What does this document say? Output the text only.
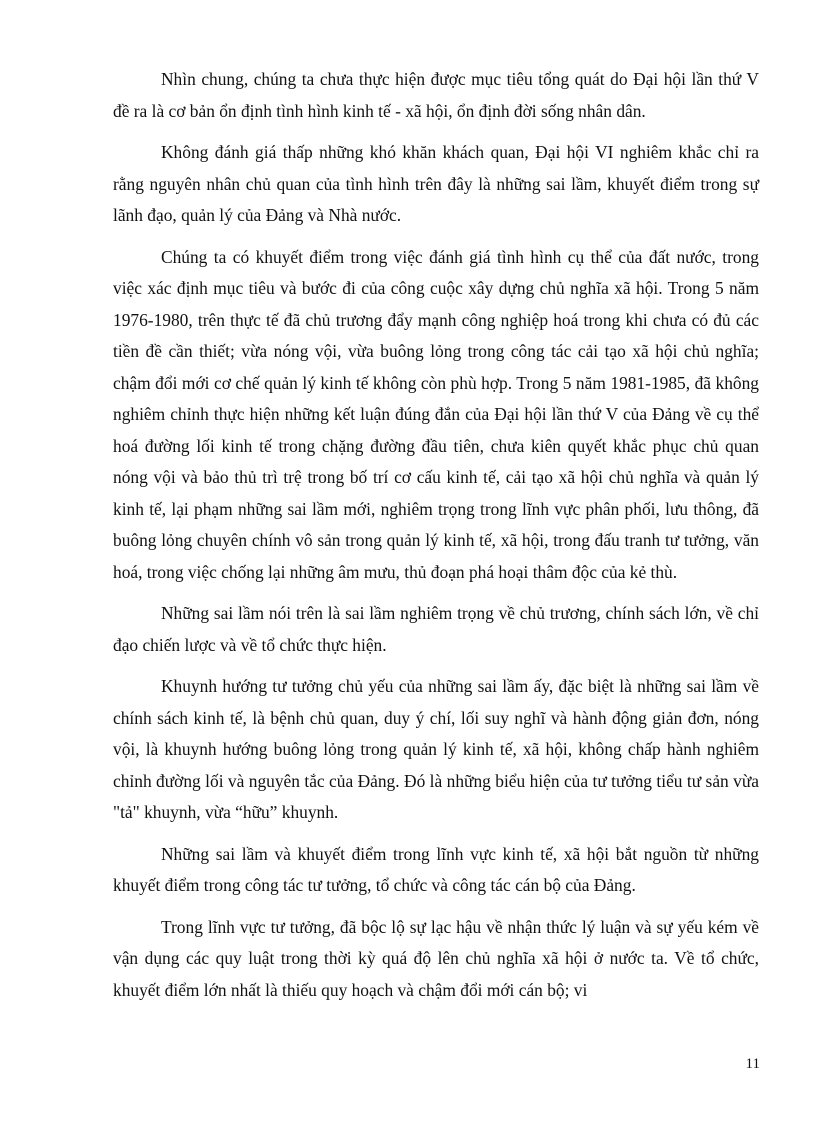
Nhìn chung, chúng ta chưa thực hiện được mục tiêu tổng quát do Đại hội lần thứ V đề ra là cơ bản ổn định tình hình kinh tế - xã hội, ổn định đời sống nhân dân.

Không đánh giá thấp những khó khăn khách quan, Đại hội VI nghiêm khắc chỉ ra rằng nguyên nhân chủ quan của tình hình trên đây là những sai lầm, khuyết điểm trong sự lãnh đạo, quản lý của Đảng và Nhà nước.

Chúng ta có khuyết điểm trong việc đánh giá tình hình cụ thể của đất nước, trong việc xác định mục tiêu và bước đi của công cuộc xây dựng chủ nghĩa xã hội. Trong 5 năm 1976-1980, trên thực tế đã chủ trương đẩy mạnh công nghiệp hoá trong khi chưa có đủ các tiền đề cần thiết; vừa nóng vội, vừa buông lỏng trong công tác cải tạo xã hội chủ nghĩa; chậm đổi mới cơ chế quản lý kinh tế không còn phù hợp. Trong 5 năm 1981-1985, đã không nghiêm chỉnh thực hiện những kết luận đúng đắn của Đại hội lần thứ V của Đảng về cụ thể hoá đường lối kinh tế trong chặng đường đầu tiên, chưa kiên quyết khắc phục chủ quan nóng vội và bảo thủ trì trệ trong bố trí cơ cấu kinh tế, cải tạo xã hội chủ nghĩa và quản lý kinh tế, lại phạm những sai lầm mới, nghiêm trọng trong lĩnh vực phân phối, lưu thông, đã buông lỏng chuyên chính vô sản trong quản lý kinh tế, xã hội, trong đấu tranh tư tưởng, văn hoá, trong việc chống lại những âm mưu, thủ đoạn phá hoại thâm độc của kẻ thù.

Những sai lầm nói trên là sai lầm nghiêm trọng về chủ trương, chính sách lớn, về chỉ đạo chiến lược và về tổ chức thực hiện.

Khuynh hướng tư tưởng chủ yếu của những sai lầm ấy, đặc biệt là những sai lầm về chính sách kinh tế, là bệnh chủ quan, duy ý chí, lối suy nghĩ và hành động giản đơn, nóng vội, là khuynh hướng buông lỏng trong quản lý kinh tế, xã hội, không chấp hành nghiêm chỉnh đường lối và nguyên tắc của Đảng. Đó là những biểu hiện của tư tưởng tiểu tư sản vừa "tả" khuynh, vừa “hữu” khuynh.

Những sai lầm và khuyết điểm trong lĩnh vực kinh tế, xã hội bắt nguồn từ những khuyết điểm trong công tác tư tưởng, tổ chức và công tác cán bộ của Đảng.

Trong lĩnh vực tư tưởng, đã bộc lộ sự lạc hậu về nhận thức lý luận và sự yếu kém về vận dụng các quy luật trong thời kỳ quá độ lên chủ nghĩa xã hội ở nước ta. Về tổ chức, khuyết điểm lớn nhất là thiếu quy hoạch và chậm đổi mới cán bộ; vi

11
